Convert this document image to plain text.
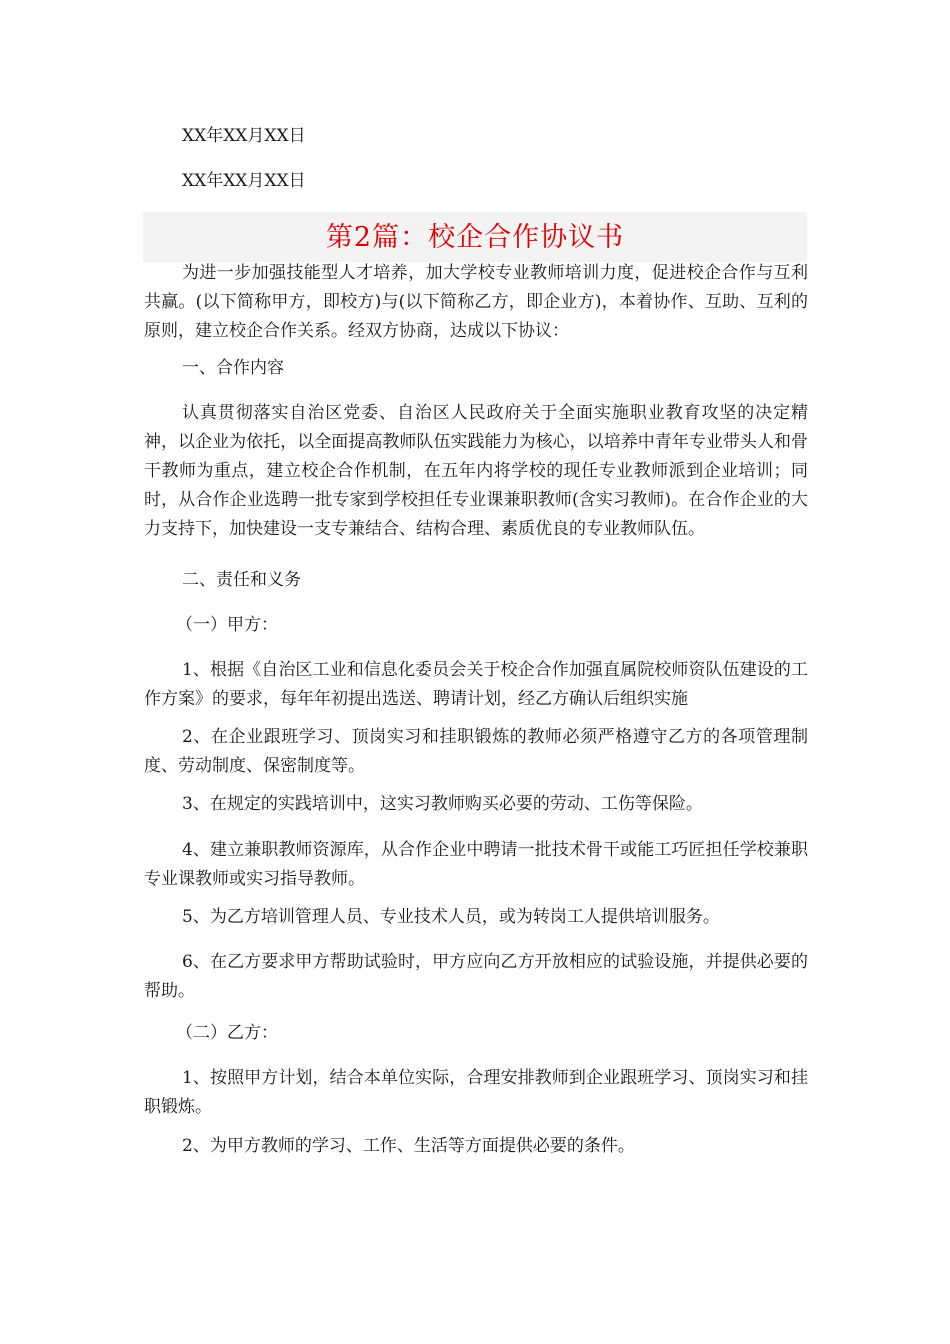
XX年XX月XX日
XX年XX月XX日
第2篇：校企合作协议书
为进一步加强技能型人才培养，加大学校专业教师培训力度，促进校企合作与互利共赢。(以下简称甲方，即校方)与(以下简称乙方，即企业方)，本着协作、互助、互利的原则，建立校企合作关系。经双方协商，达成以下协议：
一、合作内容
认真贯彻落实自治区党委、自治区人民政府关于全面实施职业教育攻坚的决定精神，以企业为依托，以全面提高教师队伍实践能力为核心，以培养中青年专业带头人和骨干教师为重点，建立校企合作机制，在五年内将学校的现任专业教师派到企业培训；同时，从合作企业选聘一批专家到学校担任专业课兼职教师(含实习教师)。在合作企业的大力支持下，加快建设一支专兼结合、结构合理、素质优良的专业教师队伍。
二、责任和义务
（一）甲方：
1、根据《自治区工业和信息化委员会关于校企合作加强直属院校师资队伍建设的工作方案》的要求，每年年初提出选送、聘请计划，经乙方确认后组织实施
2、在企业跟班学习、顶岗实习和挂职锻炼的教师必须严格遵守乙方的各项管理制度、劳动制度、保密制度等。
3、在规定的实践培训中，这实习教师购买必要的劳动、工伤等保险。
4、建立兼职教师资源库，从合作企业中聘请一批技术骨干或能工巧匠担任学校兼职专业课教师或实习指导教师。
5、为乙方培训管理人员、专业技术人员，或为转岗工人提供培训服务。
6、在乙方要求甲方帮助试验时，甲方应向乙方开放相应的试验设施，并提供必要的帮助。
（二）乙方：
1、按照甲方计划，结合本单位实际，合理安排教师到企业跟班学习、顶岗实习和挂职锻炼。
2、为甲方教师的学习、工作、生活等方面提供必要的条件。
